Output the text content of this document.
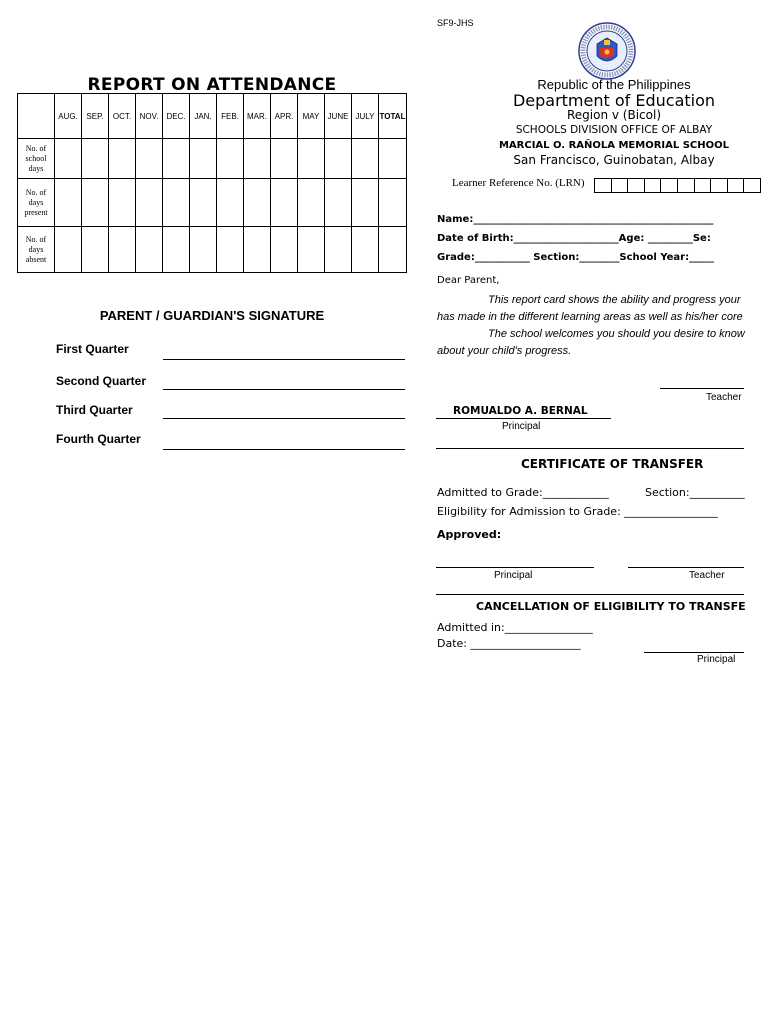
REPORT ON ATTENDANCE
	AUG.	SEP.	OCT.	NOV.	DEC.	JAN.	FEB.	MAR.	APR.	MAY	JUNE	JULY	TOTAL

No. of
school
days													

No. of
days
present													

No. of
days
absent													

PARENT / GUARDIAN'S SIGNATURE
First Quarter
Second Quarter
Third Quarter
Fourth Quarter
SF9-JHS
Republic of the Philippines
Department of Education
Region v (Bicol)
SCHOOLS DIVISION OFFICE OF ALBAY
MARCIAL O. RAÑOLA MEMORIAL SCHOOL
San Francisco, Guinobatan, Albay
Learner Reference No. (LRN)
Name:________________________________________________
Date of Birth:_____________________Age: _________Se:
Grade:___________ Section:________School Year:_____
Dear Parent,
This report card shows the ability and progress your
has made in the different learning areas as well as his/her core
The school welcomes you should you desire to know
about your child's progress.
Teacher
ROMUALDO A. BERNAL
Principal
CERTIFICATE OF TRANSFER
Admitted to Grade:____________	Section:__________
Eligibility for Admission to Grade: _________________
Approved:
Principal	Teacher
CANCELLATION OF ELIGIBILITY TO TRANSFE
Admitted in:________________
Date: ____________________
Principal
